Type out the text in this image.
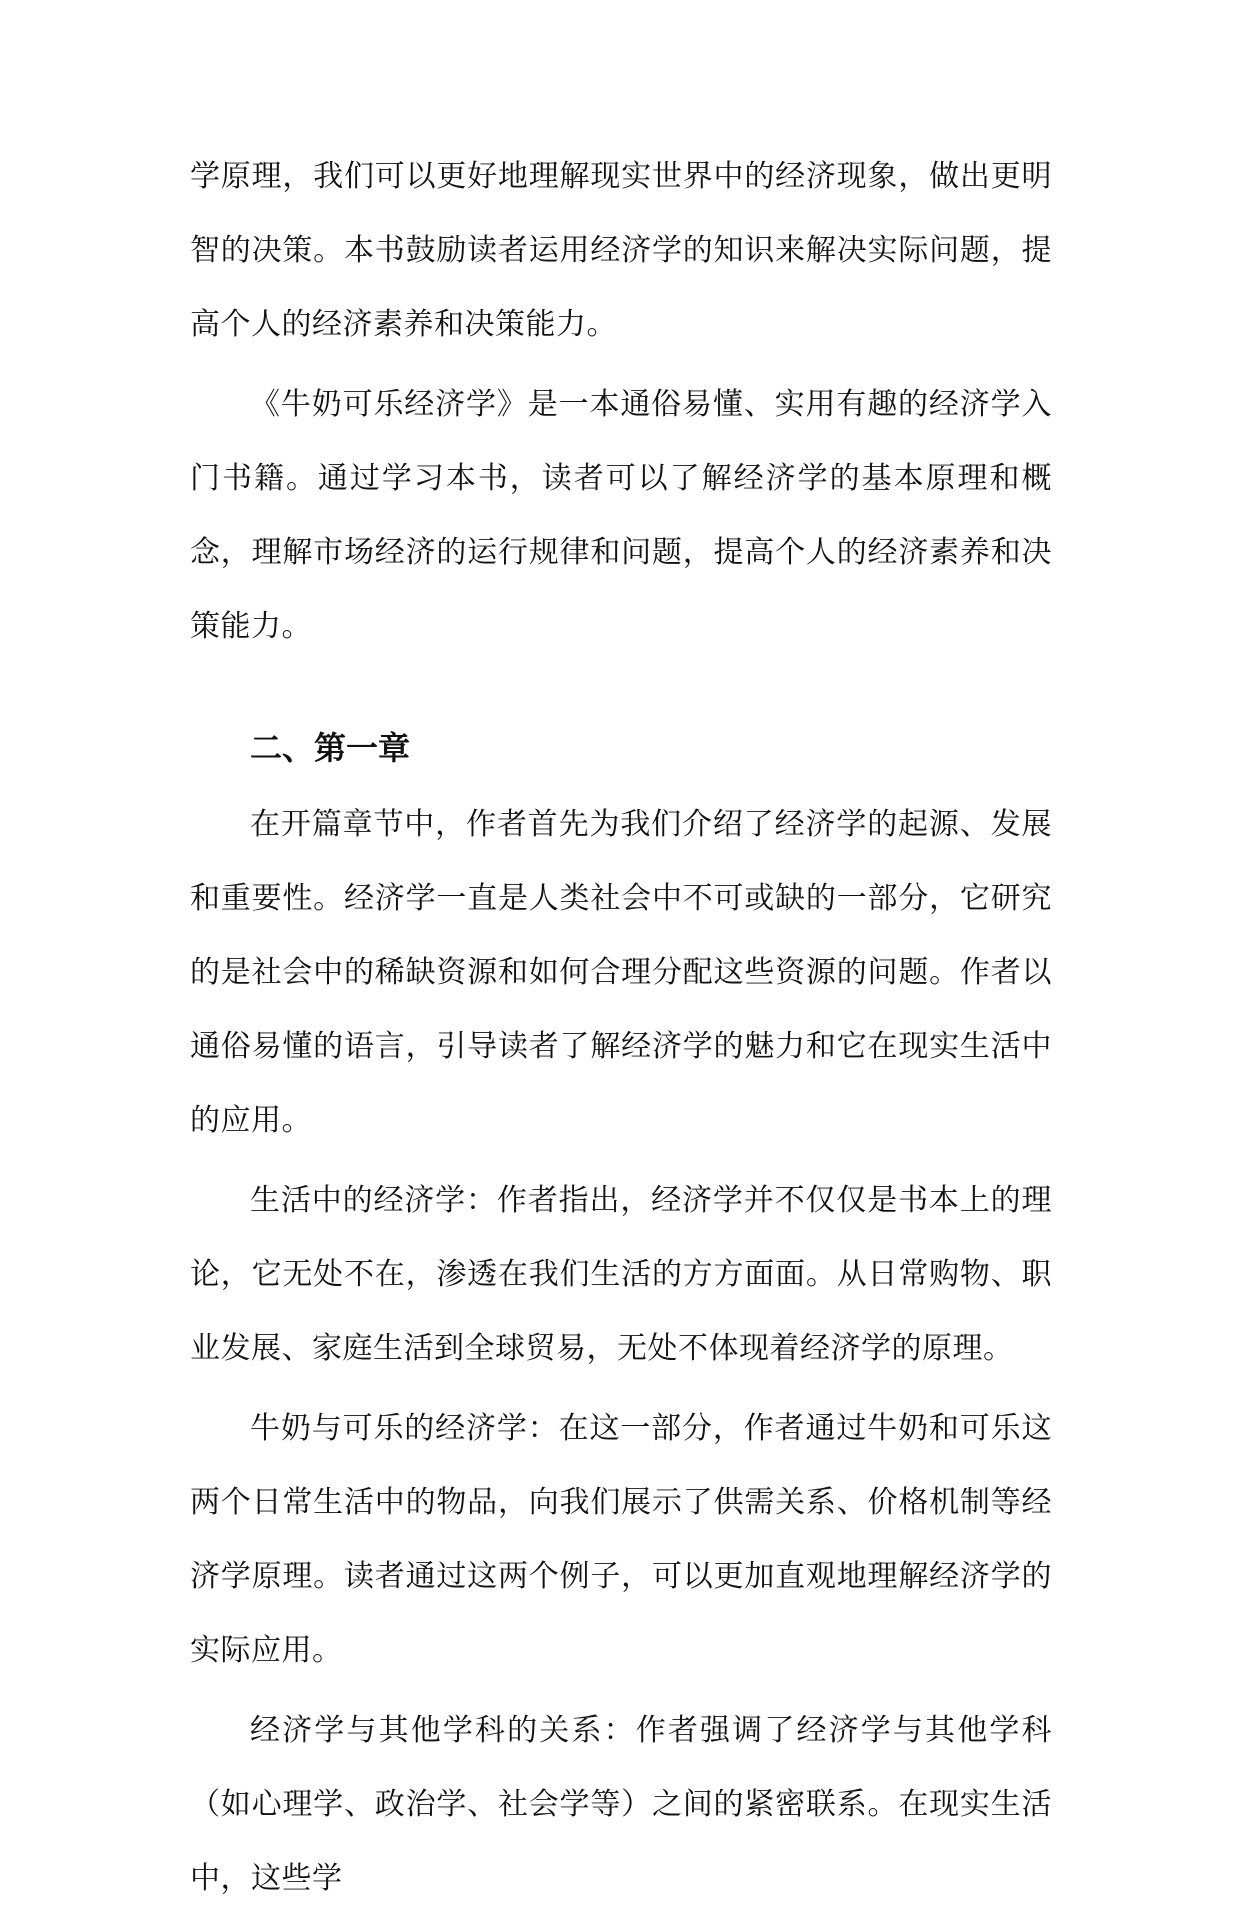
学原理，我们可以更好地理解现实世界中的经济现象，做出更明智的决策。本书鼓励读者运用经济学的知识来解决实际问题，提高个人的经济素养和决策能力。

《牛奶可乐经济学》是一本通俗易懂、实用有趣的经济学入门书籍。通过学习本书，读者可以了解经济学的基本原理和概念，理解市场经济的运行规律和问题，提高个人的经济素养和决策能力。

二、第一章

在开篇章节中，作者首先为我们介绍了经济学的起源、发展和重要性。经济学一直是人类社会中不可或缺的一部分，它研究的是社会中的稀缺资源和如何合理分配这些资源的问题。作者以通俗易懂的语言，引导读者了解经济学的魅力和它在现实生活中的应用。

生活中的经济学：作者指出，经济学并不仅仅是书本上的理论，它无处不在，渗透在我们生活的方方面面。从日常购物、职业发展、家庭生活到全球贸易，无处不体现着经济学的原理。

牛奶与可乐的经济学：在这一部分，作者通过牛奶和可乐这两个日常生活中的物品，向我们展示了供需关系、价格机制等经济学原理。读者通过这两个例子，可以更加直观地理解经济学的实际应用。

经济学与其他学科的关系：作者强调了经济学与其他学科（如心理学、政治学、社会学等）之间的紧密联系。在现实生活中，这些学
